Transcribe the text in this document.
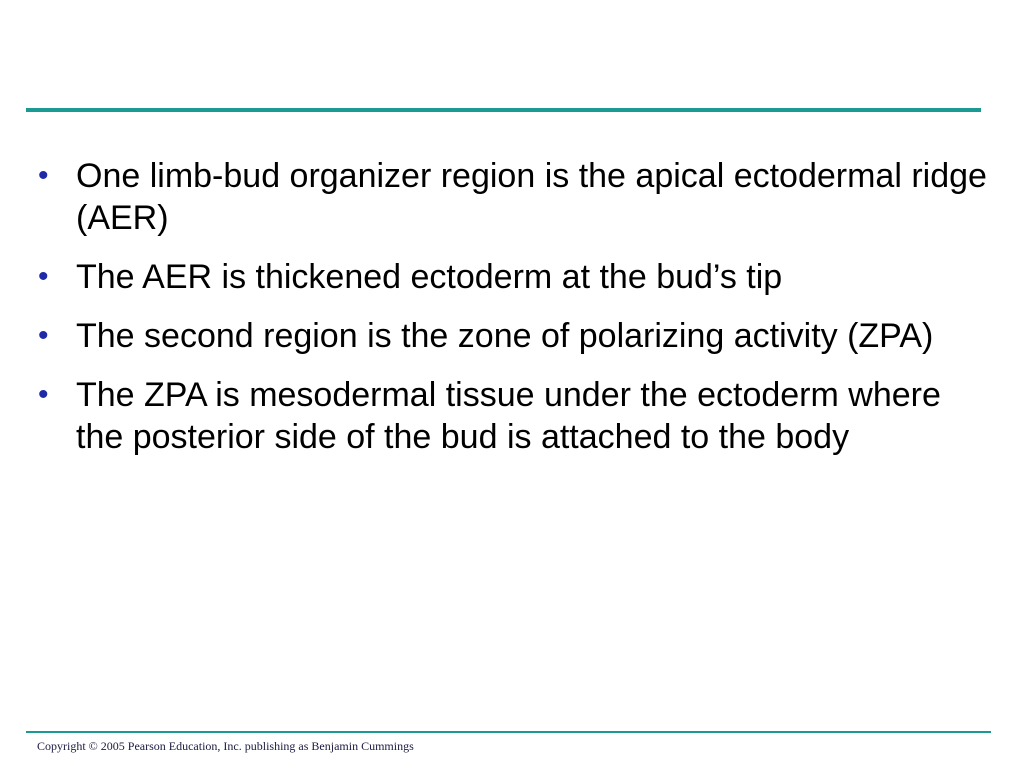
• One limb-bud organizer region is the apical ectodermal ridge (AER)
• The AER is thickened ectoderm at the bud’s tip
• The second region is the zone of polarizing activity (ZPA)
• The ZPA is mesodermal tissue under the ectoderm where the posterior side of the bud is attached to the body
Copyright © 2005 Pearson Education, Inc. publishing as Benjamin Cummings
